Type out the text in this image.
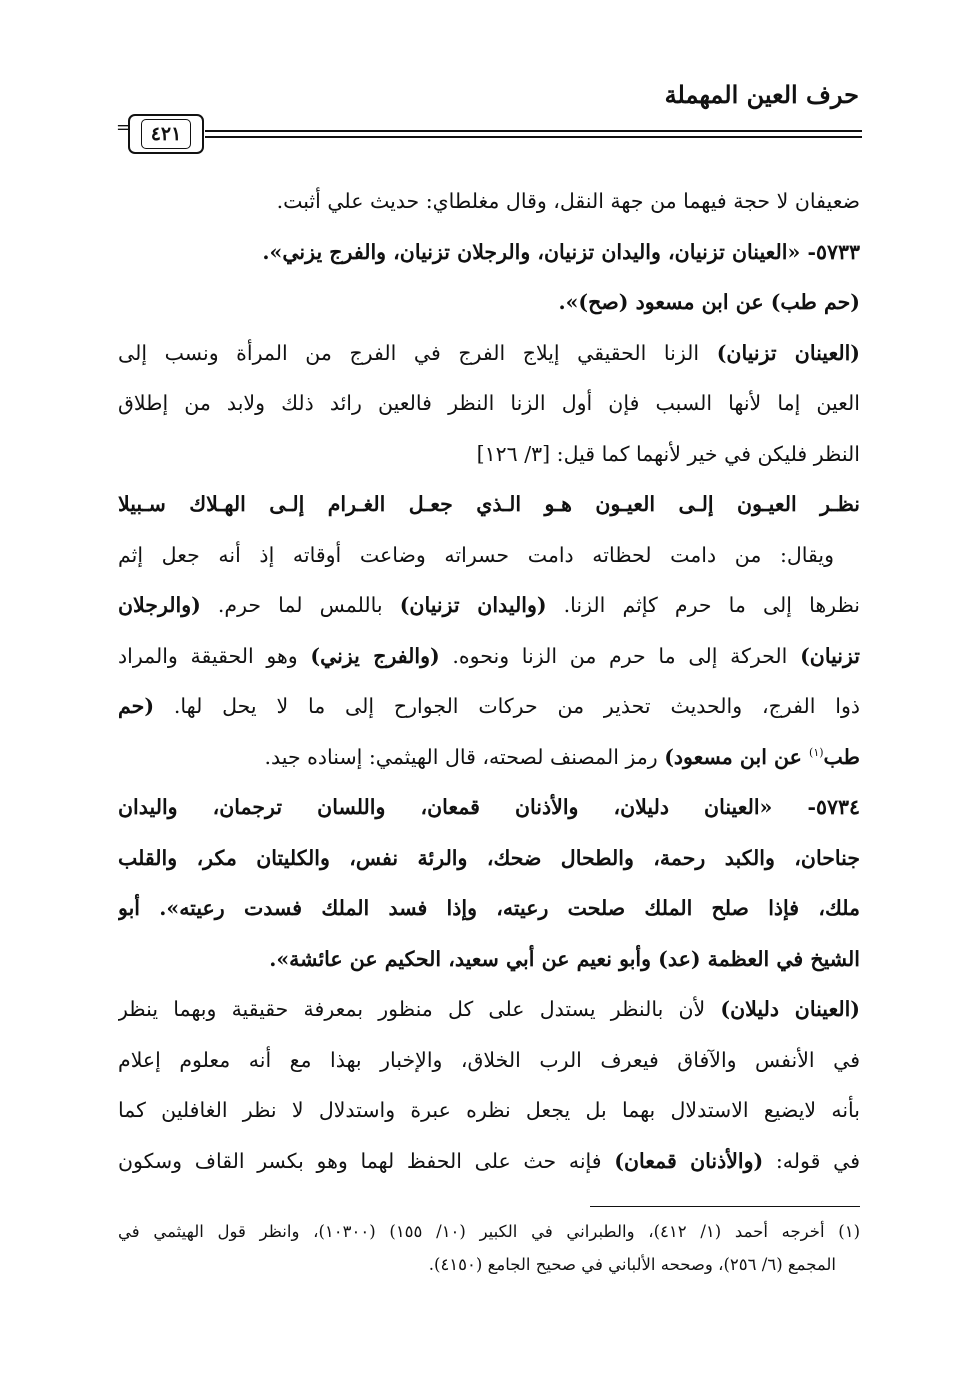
حرف العين المهملة
٤٢١
=
ضعيفان لا حجة فيهما من جهة النقل، وقال مغلطاي: حديث علي أثبت.
٥٧٣٣- «العينان تزنيان، واليدان تزنيان، والرجلان تزنيان، والفرج يزني».
(حم طب) عن ابن مسعود (صح)».
(العينان تزنيان) الزنا الحقيقي إيلاج الفرج في الفرج من المرأة ونسب إلى
العين إما لأنها السبب فإن أول الزنا النظر فالعين رائد ذلك ولابد من إطلاق
النظر فليكن في خير لأنهما كما قيل: [٣/ ١٢٦]
نظـر العيـون إلـى العيـون هـو الـذي جعـل الغـرام إلـى الهـلاك سـبيلا
ويقال: من دامت لحظاته دامت حسراته وضاعت أوقاته إذ أنه جعل إثم
نظرها إلى ما حرم كإثم الزنا. (واليدان تزنيان) باللمس لما حرم. (والرجلان
تزنيان) الحركة إلى ما حرم من الزنا ونحوه. (والفرج يزني) وهو الحقيقة والمراد
ذوا الفرج، والحديث تحذير من حركات الجوارح إلى ما لا يحل لها. (حم
طب$^{(١)}$ عن ابن مسعود) رمز المصنف لصحته، قال الهيثمي: إسناده جيد.
٥٧٣٤- «العينان دليلان، والأذنان قمعان، واللسان ترجمان، واليدان
جناحان، والكبد رحمة، والطحال ضحك، والرئة نفس، والكليتان مكر، والقلب
ملك، فإذا صلح الملك صلحت رعيته، وإذا فسد الملك فسدت رعيته». أبو
الشيخ في العظمة (عد) وأبو نعيم عن أبي سعيد، الحكيم عن عائشة».
(العينان دليلان) لأن بالنظر يستدل على كل منظور بمعرفة حقيقية وبهما ينظر
في الأنفس والآفاق فيعرف الرب الخلاق، والإخبار بهذا مع أنه معلوم إعلام
بأنه لايضيع الاستدلال بهما بل يجعل نظره عبرة واستدلال لا نظر الغافلين كما
في قوله: (والأذنان قمعان) فإنه حث على الحفظ لهما وهو بكسر القاف وسكون
(١) أخرجه أحمد (١/ ٤١٢)، والطبراني في الكبير (١٠/ ١٥٥) (١٠٣٠٠)، وانظر قول الهيثمي في
المجمع (٦/ ٢٥٦)، وصححه الألباني في صحيح الجامع (٤١٥٠).
